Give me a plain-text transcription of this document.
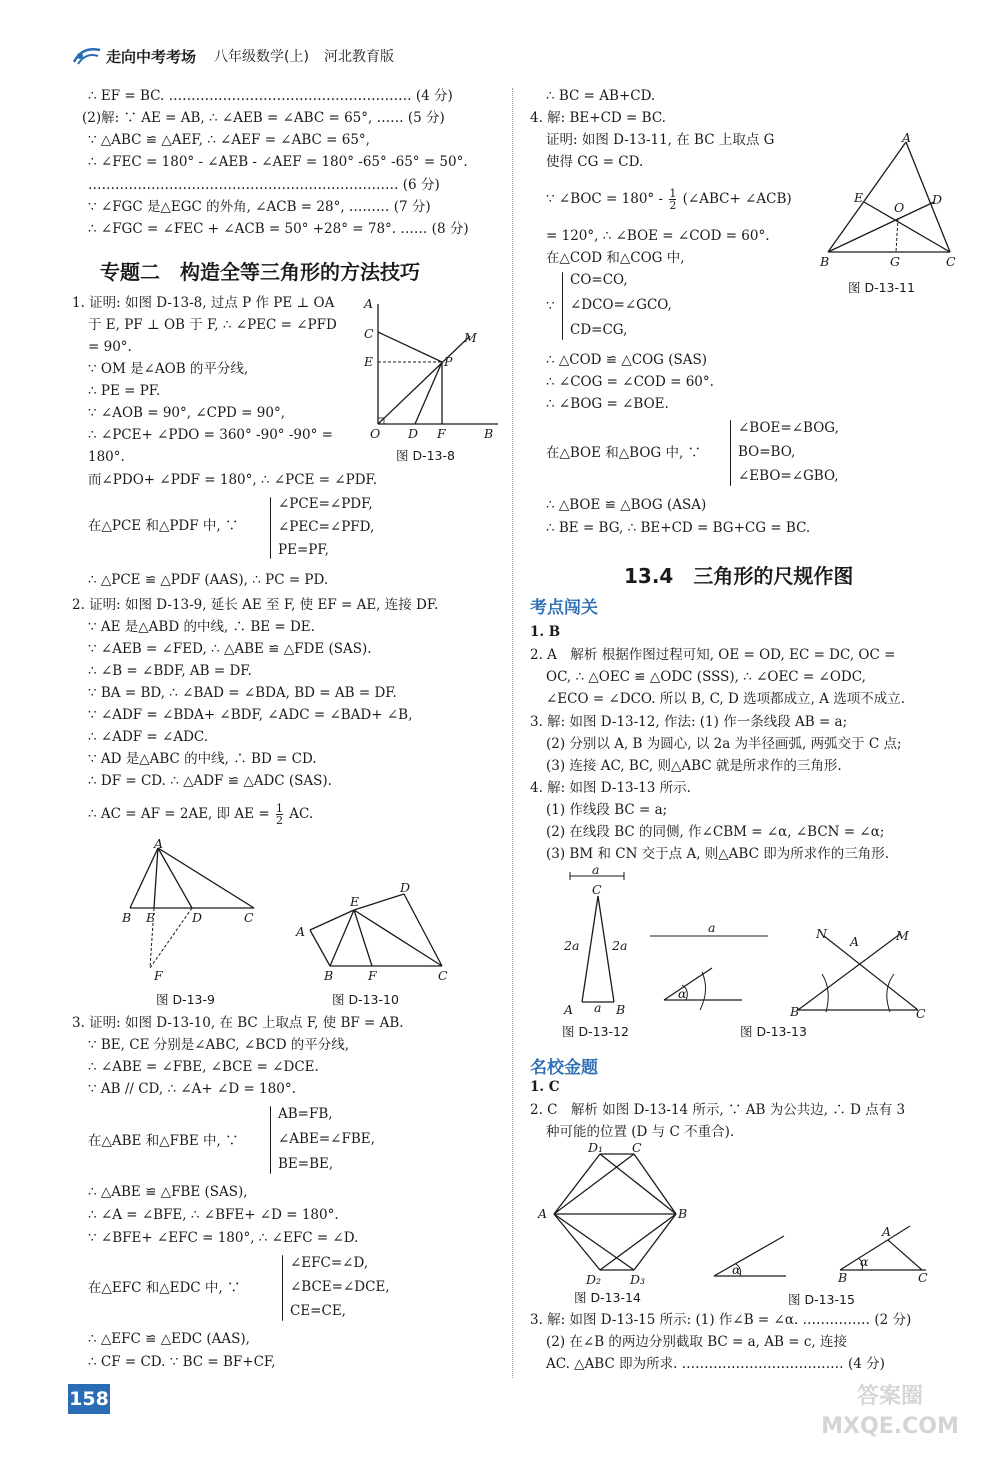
走向中考考场 八年级数学(上) 河北教育版
∴ EF = BC. ……………………………………………… (4 分)
(2)解: ∵ AE = AB, ∴ ∠AEB = ∠ABC = 65°, …… (5 分)
∵ △ABC ≌ △AEF, ∴ ∠AEF = ∠ABC = 65°,
∴ ∠FEC = 180° - ∠AEB - ∠AEF = 180° -65° -65° = 50°.
…………………………………………………………… (6 分)
∵ ∠FGC 是△EGC 的外角, ∠ACB = 28°, ……… (7 分)
∴ ∠FGC = ∠FEC + ∠ACB = 50° +28° = 78°. …… (8 分)
专题二　构造全等三角形的方法技巧
1. 证明: 如图 D-13-8, 过点 P 作 PE ⊥ OA
于 E, PF ⊥ OB 于 F, ∴ ∠PEC = ∠PFD
= 90°.
∵ OM 是∠AOB 的平分线,
∴ PE = PF.
∵ ∠AOB = 90°, ∠CPD = 90°,
∴ ∠PCE+ ∠PDO = 360° -90° -90° =
180°.
而∠PDO+ ∠PDF = 180°, ∴ ∠PCE = ∠PDF.
在△PCE 和△PDF 中, ∵
∠PCE=∠PDF,
∠PEC=∠PFD,
PE=PF,
∴ △PCE ≌ △PDF (AAS), ∴ PC = PD.
A
C
E	P
M
O D F	B
图 D-13-8
2. 证明: 如图 D-13-9, 延长 AE 至 F, 使 EF = AE, 连接 DF.
∵ AE 是△ABD 的中线, ∴ BE = DE.
∵ ∠AEB = ∠FED, ∴ △ABE ≌ △FDE (SAS).
∴ ∠B = ∠BDF, AB = DF.
∵ BA = BD, ∴ ∠BAD = ∠BDA, BD = AB = DF.
∵ ∠ADF = ∠BDA+ ∠BDF, ∠ADC = ∠BAD+ ∠B,
∴ ∠ADF = ∠ADC.
∵ AD 是△ABC 的中线, ∴ BD = CD.
∴ DF = CD. ∴ △ADF ≌ △ADC (SAS).
∴ AC = AF = 2AE, 即 AE = $\frac{1}{2}$ AC.
A
B E	D	C
F
图 D-13-9
A
E
D
B	F	C
图 D-13-10
3. 证明: 如图 D-13-10, 在 BC 上取点 F, 使 BF = AB.
∵ BE, CE 分别是∠ABC, ∠BCD 的平分线,
∴ ∠ABE = ∠FBE, ∠BCE = ∠DCE.
∵ AB // CD, ∴ ∠A+ ∠D = 180°.
在△ABE 和△FBE 中, ∵
AB=FB,
∠ABE=∠FBE,
BE=BE,
∴ △ABE ≌ △FBE (SAS),
∴ ∠A = ∠BFE, ∴ ∠BFE+ ∠D = 180°.
∵ ∠BFE+ ∠EFC = 180°, ∴ ∠EFC = ∠D.
在△EFC 和△EDC 中, ∵
∠EFC=∠D,
∠BCE=∠DCE,
CE=CE,
∴ △EFC ≌ △EDC (AAS),
∴ CF = CD. ∵ BC = BF+CF,
∴ BC = AB+CD.
4. 解: BE+CD = BC.
证明: 如图 D-13-11, 在 BC 上取点 G
使得 CG = CD.
∵ ∠BOC = $180^\circ - \frac{1}{2}$ (∠ABC+ ∠ACB)
= 120°, ∴ ∠BOE = ∠COD = 60°.
在△COD 和△COG 中,
∵
CO=CO,
∠DCO=∠GCO,
CD=CG,
∴ △COD ≌ △COG (SAS)
∴ ∠COG = ∠COD = 60°.
∴ ∠BOG = ∠BOE.
在△BOE 和△BOG 中, ∵
∠BOE=∠BOG,
BO=BO,
∠EBO=∠GBO,
∴ △BOE ≌ △BOG (ASA)
∴ BE = BG, ∴ BE+CD = BG+CG = BC.
A
E	D
O
B	G	C
图 D-13-11
13.4　三角形的尺规作图
考点闯关
1. B
2. A　解析 根据作图过程可知, OE = OD, EC = DC, OC =
OC, ∴ △OEC ≌ △ODC (SSS), ∴ ∠OEC = ∠ODC,
∠ECO = ∠DCO. 所以 B, C, D 选项都成立, A 选项不成立.
3. 解: 如图 D-13-12, 作法: (1) 作一条线段 AB = a;
(2) 分别以 A, B 为圆心, 以 2a 为半径画弧, 两弧交于 C 点;
(3) 连接 AC, BC, 则△ABC 就是所求作的三角形.
4. 解: 如图 D-13-13 所示.
(1) 作线段 BC = a;
(2) 在线段 BC 的同侧, 作∠CBM = ∠α, ∠BCN = ∠α;
(3) BM 和 CN 交于点 A, 则△ABC 即为所求作的三角形.
a
C
2a	2a
A a B
图 D-13-12
a
α
N
A	M
B	C
图 D-13-13
名校金题
1. C
2. C　解析 如图 D-13-14 所示, ∵ AB 为公共边, ∴ D 点有 3
种可能的位置 (D 与 C 不重合).
D₁ C
A	B
D₂ D₃
图 D-13-14
α
α
A
B	C
图 D-13-15
3. 解: 如图 D-13-15 所示: (1) 作∠B = ∠α. …………… (2 分)
(2) 在∠B 的两边分别截取 BC = a, AB = c, 连接
AC. △ABC 即为所求. ……………………………… (4 分)
158	答案圈 MXQE.COM
